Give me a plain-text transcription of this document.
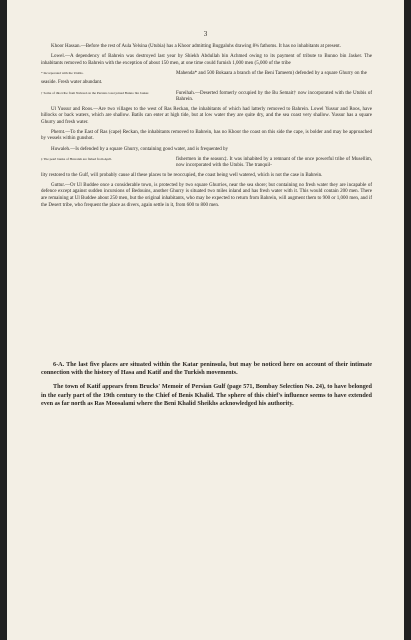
3

Khoor Hassan.—Before the rest of Aula Yelsina (Utubia) has a Khoor admitting Buggaluhs drawing 8¾ fathoms. It has no inhabitants at present.

Lowel.—A dependency of Bahrein was destroyed last year by Shiekh Abdullah bin Achmed owing to its payment of tribute to Bunno bin Jasker. The inhabitants removed to Bahrein with the exception of about 150 men, at one time could furnish 1,000 men (5,000 of the tribe

* Incorporated with the Utubis.	Mahenda* and 500 Bokaara a branch of the Beni Tameem) defended by a square Ghurry on the

seaside. Fresh water abundant.

† Some of this tribe from Naboud on the Persian coast joined Bunno bin Jasker.	Fureihah.—Deserted formerly occupied by the Bu Semait† now incorporated with the Utubis of Bahrein.

Ul Yussur and Roos.—Are two villages to the west of Ras Reckan, the inhabitants of which had latterly removed to Bahrein. Lowel Yussur and Roos, have hillocks or back waters, which are shallow. Batils can enter at high tide, but at low water they are quite dry, and the sea coast very shallow. Yussur has a square Ghurry and fresh water.

Phernt.—To the East of Ras (cape) Reckan, the inhabitants removed to Bahrein, has no Khoor the coast on this side the cape, is bolder and may be approached by vessels within gunshot.

Huwaleh.—Is defended by a square Ghurry, containing good water, and is frequented by

‡ The pearl banks of Huwaleh are fished from April.	fishermen in the season‡. It was inhabited by a remnant of the once powerful tribe of Musellim, now incorporated with the Utubis. The tranquil-

lity restored to the Gulf, will probably cause all these places to be reoccupied, the coast being well watered, which is not the case in Bahrein.

Guttur.—Or Ul Buddee once a considerable town, is protected by two square Ghurries, near the sea shore; but containing no fresh water they are incapable of defence except against sudden incursions of Bedouins, another Ghurry is situated two miles inland and has fresh water with it. This would contain 200 men. There are remaining at Ul Buddee about 250 men, but the original inhabitants, who may be expected to return from Bahrein, will augment them to 900 or 1,000 men, and if the Desert tribe, who frequent the place as divers, again settle in it, from 600 to 800 men.

6-A. The last five places are situated within the Katar peninsula, but may be noticed here on account of their intimate connection with the history of Hasa and Katif and the Turkish movements.

The town of Katif appears from Brucks' Memoir of Persian Gulf (page 571, Bombay Selection No. 24), to have belonged in the early part of the 19th century to the Chief of Benis Khalid. The sphere of this chief's influence seems to have extended even as far north as Ras Moosalami where the Beni Khalid Sheikhs acknowledged his authority.
